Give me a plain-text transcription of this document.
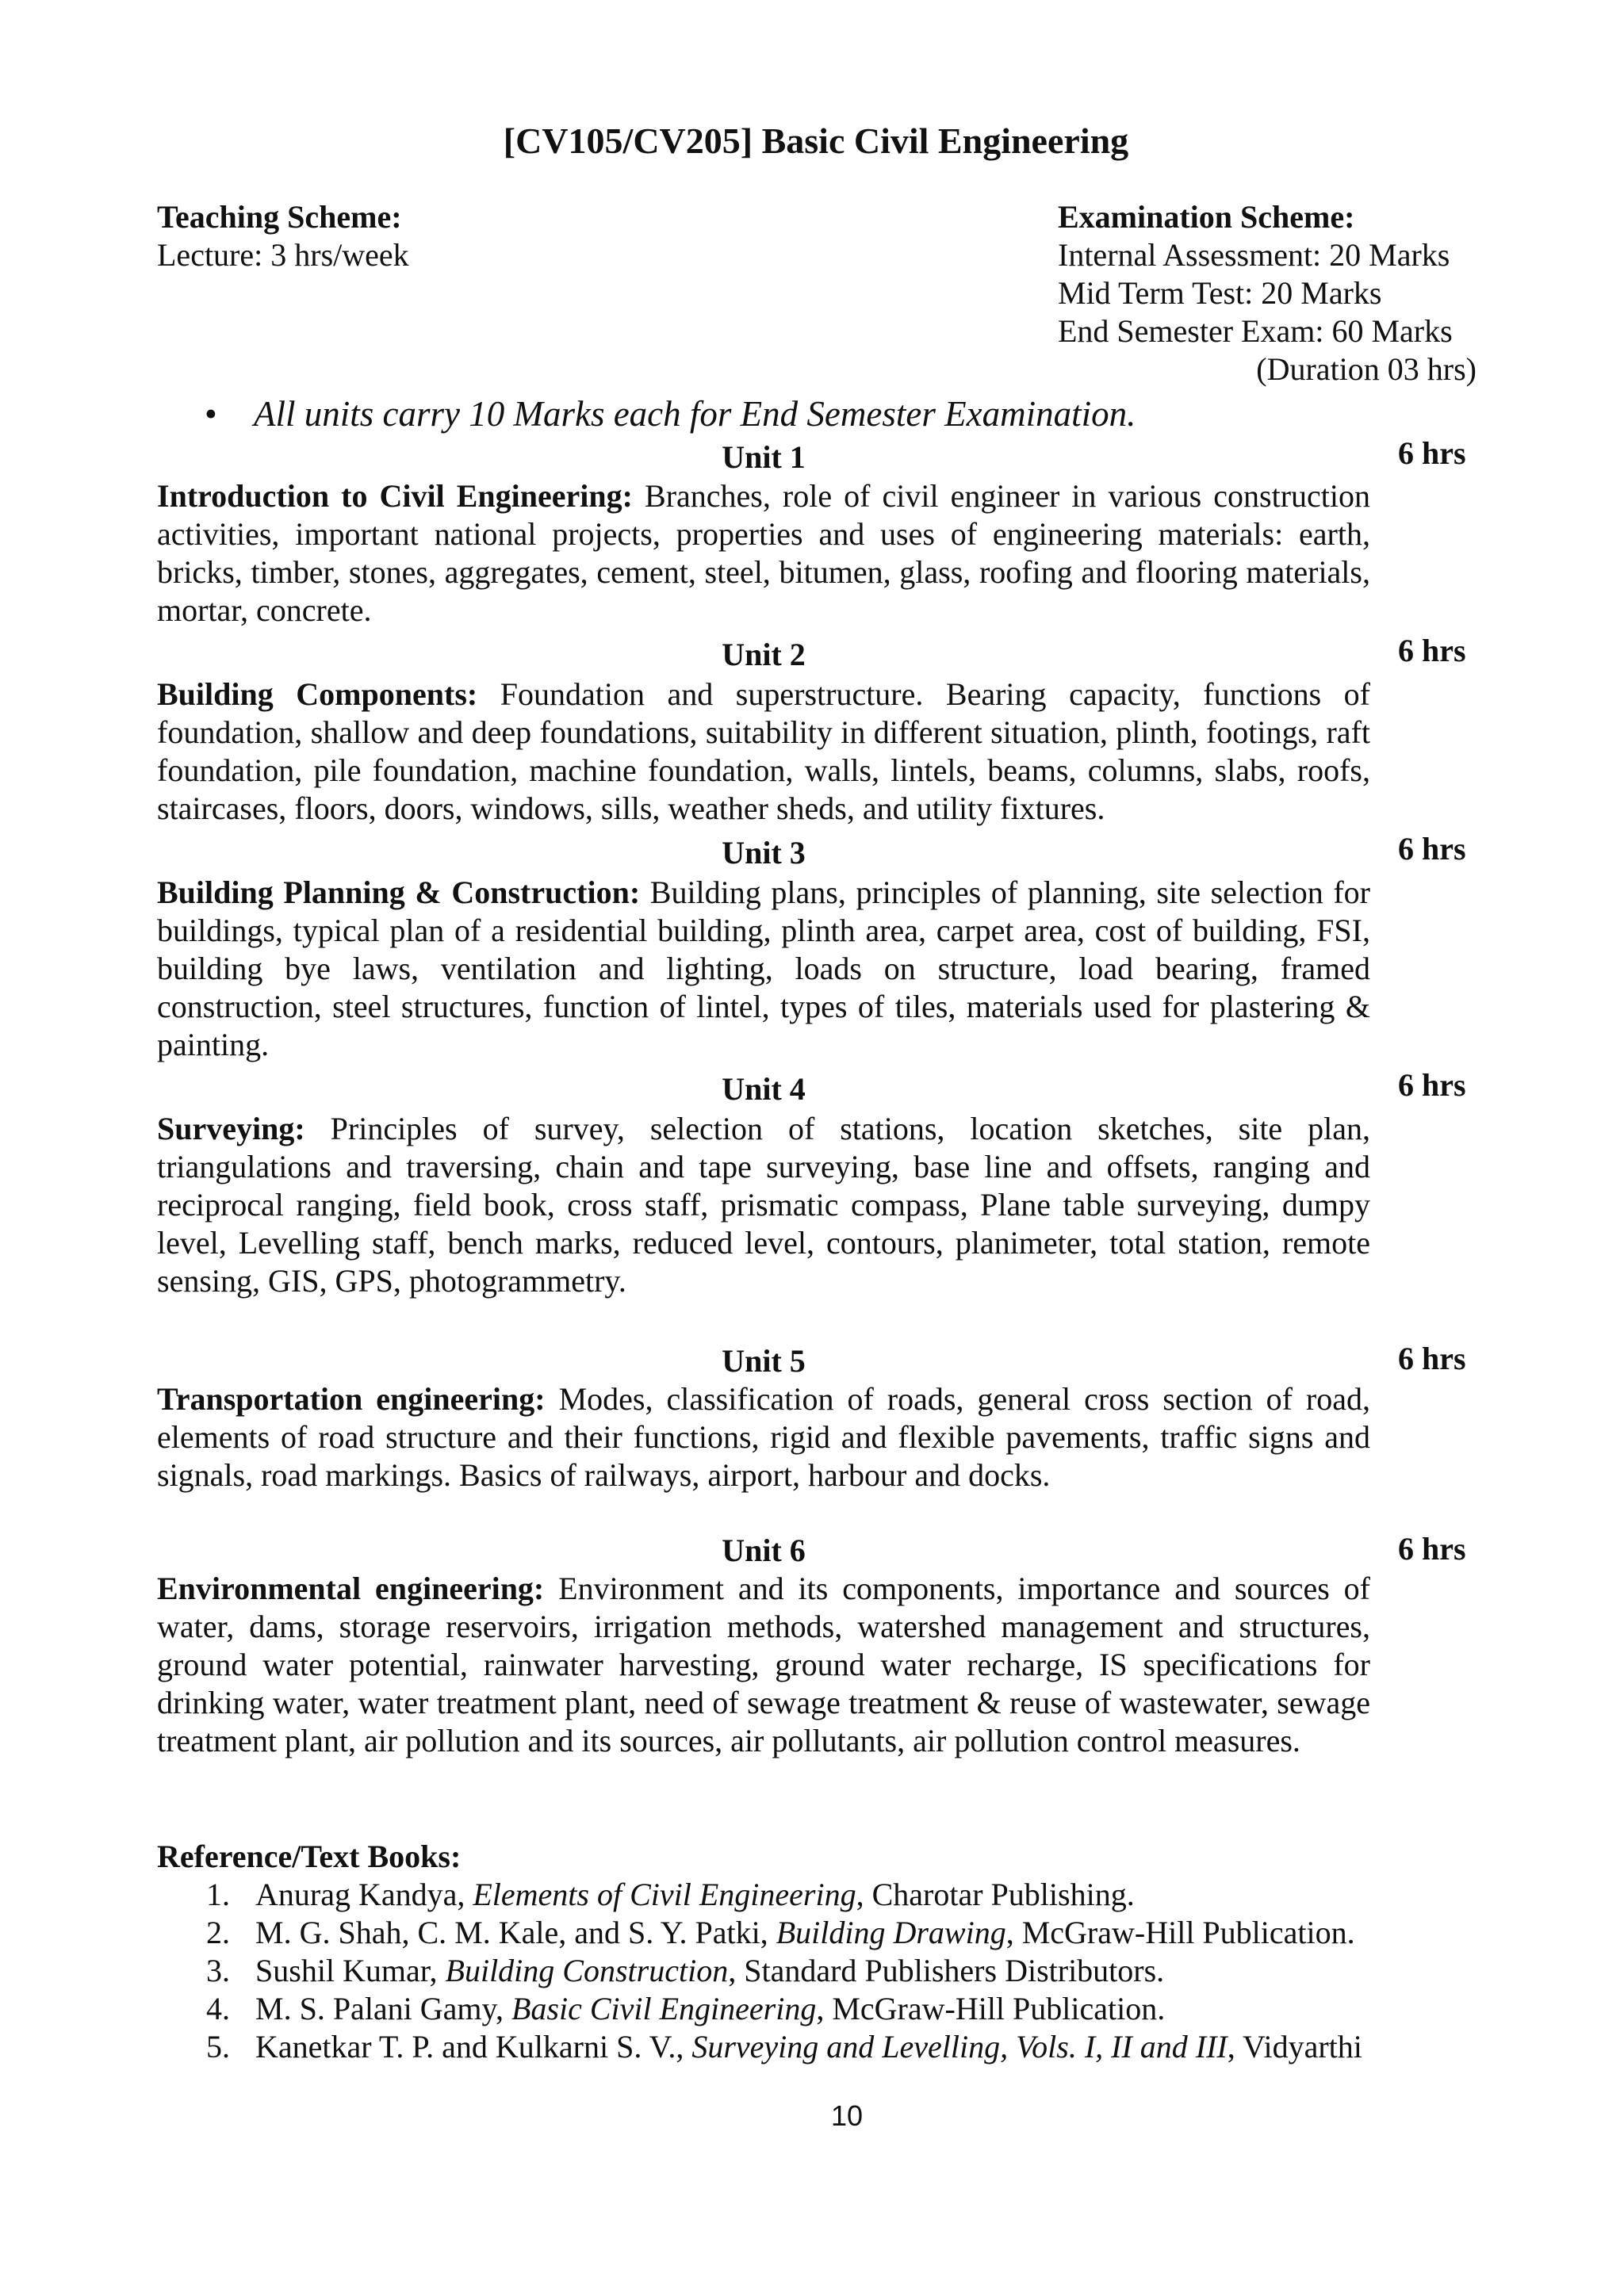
[CV105/CV205] Basic Civil Engineering
Teaching Scheme:
Lecture: 3 hrs/week
Examination Scheme:
Internal Assessment: 20 Marks
Mid Term Test: 20 Marks
End Semester Exam: 60 Marks
(Duration 03 hrs)
• All units carry 10 Marks each for End Semester Examination.
Unit 1	6 hrs
Introduction to Civil Engineering: Branches, role of civil engineer in various construction activities, important national projects, properties and uses of engineering materials: earth, bricks, timber, stones, aggregates, cement, steel, bitumen, glass, roofing and flooring materials, mortar, concrete.
Unit 2	6 hrs
Building Components: Foundation and superstructure. Bearing capacity, functions of foundation, shallow and deep foundations, suitability in different situation, plinth, footings, raft foundation, pile foundation, machine foundation, walls, lintels, beams, columns, slabs, roofs, staircases, floors, doors, windows, sills, weather sheds, and utility fixtures.
Unit 3	6 hrs
Building Planning & Construction: Building plans, principles of planning, site selection for buildings, typical plan of a residential building, plinth area, carpet area, cost of building, FSI, building bye laws, ventilation and lighting, loads on structure, load bearing, framed construction, steel structures, function of lintel, types of tiles, materials used for plastering & painting.
Unit 4	6 hrs
Surveying: Principles of survey, selection of stations, location sketches, site plan, triangulations and traversing, chain and tape surveying, base line and offsets, ranging and reciprocal ranging, field book, cross staff, prismatic compass, Plane table surveying, dumpy level, Levelling staff, bench marks, reduced level, contours, planimeter, total station, remote sensing, GIS, GPS, photogrammetry.
Unit 5	6 hrs
Transportation engineering: Modes, classification of roads, general cross section of road, elements of road structure and their functions, rigid and flexible pavements, traffic signs and signals, road markings. Basics of railways, airport, harbour and docks.
Unit 6	6 hrs
Environmental engineering: Environment and its components, importance and sources of water, dams, storage reservoirs, irrigation methods, watershed management and structures, ground water potential, rainwater harvesting, ground water recharge, IS specifications for drinking water, water treatment plant, need of sewage treatment & reuse of wastewater, sewage treatment plant, air pollution and its sources, air pollutants, air pollution control measures.
Reference/Text Books:
1. Anurag Kandya, Elements of Civil Engineering, Charotar Publishing.
2. M. G. Shah, C. M. Kale, and S. Y. Patki, Building Drawing, McGraw-Hill Publication.
3. Sushil Kumar, Building Construction, Standard Publishers Distributors.
4. M. S. Palani Gamy, Basic Civil Engineering, McGraw-Hill Publication.
5. Kanetkar T. P. and Kulkarni S. V., Surveying and Levelling, Vols. I, II and III, Vidyarthi
10
